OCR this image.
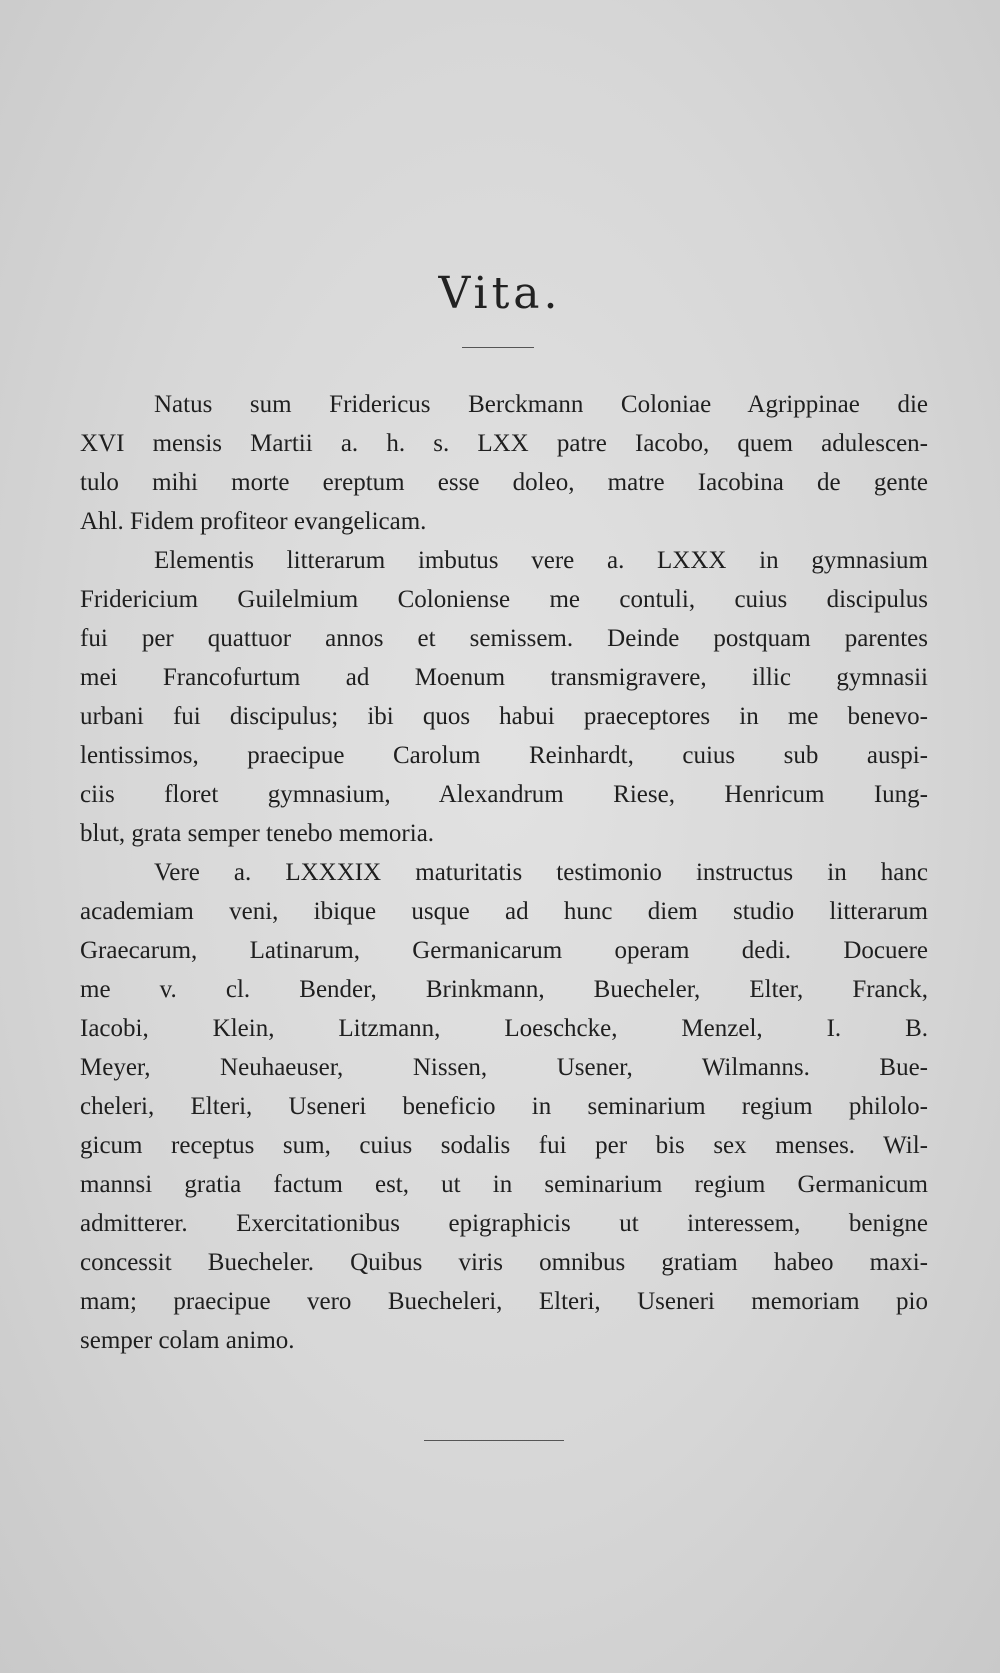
Vita.
Natus sum Fridericus Berckmann Coloniae Agrippinae die
XVI mensis Martii a. h. s. LXX patre Iacobo, quem adulescen-
tulo mihi morte ereptum esse doleo, matre Iacobina de gente
Ahl. Fidem profiteor evangelicam.
Elementis litterarum imbutus vere a. LXXX in gymnasium
Fridericium Guilelmium Coloniense me contuli, cuius discipulus
fui per quattuor annos et semissem. Deinde postquam parentes
mei Francofurtum ad Moenum transmigravere, illic gymnasii
urbani fui discipulus; ibi quos habui praeceptores in me benevo-
lentissimos, praecipue Carolum Reinhardt, cuius sub auspi-
ciis floret gymnasium, Alexandrum Riese, Henricum Iung-
blut, grata semper tenebo memoria.
Vere a. LXXXIX maturitatis testimonio instructus in hanc
academiam veni, ibique usque ad hunc diem studio litterarum
Graecarum, Latinarum, Germanicarum operam dedi. Docuere
me v. cl. Bender, Brinkmann, Buecheler, Elter, Franck,
Iacobi, Klein, Litzmann, Loeschcke, Menzel, I. B.
Meyer, Neuhaeuser, Nissen, Usener, Wilmanns. Bue-
cheleri, Elteri, Useneri beneficio in seminarium regium philolo-
gicum receptus sum, cuius sodalis fui per bis sex menses. Wil-
mannsi gratia factum est, ut in seminarium regium Germanicum
admitterer. Exercitationibus epigraphicis ut interessem, benigne
concessit Buecheler. Quibus viris omnibus gratiam habeo maxi-
mam; praecipue vero Buecheleri, Elteri, Useneri memoriam pio
semper colam animo.
